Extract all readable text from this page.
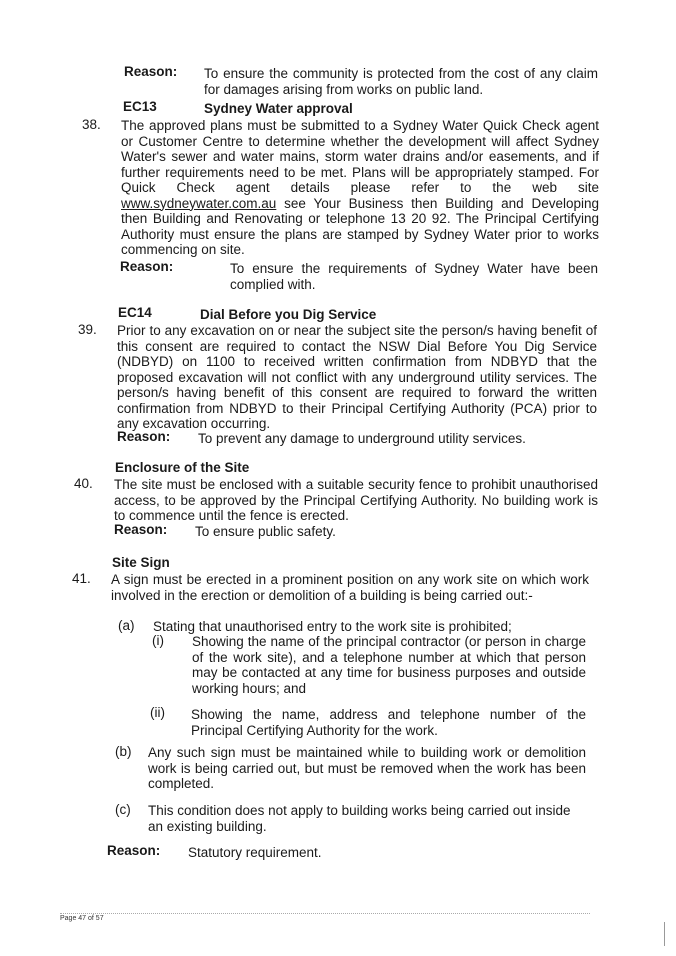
Reason: To ensure the community is protected from the cost of any claim for damages arising from works on public land.
EC13	Sydney Water approval
38. The approved plans must be submitted to a Sydney Water Quick Check agent or Customer Centre to determine whether the development will affect Sydney Water's sewer and water mains, storm water drains and/or easements, and if further requirements need to be met. Plans will be appropriately stamped. For Quick Check agent details please refer to the web site www.sydneywater.com.au see Your Business then Building and Developing then Building and Renovating or telephone 13 20 92. The Principal Certifying Authority must ensure the plans are stamped by Sydney Water prior to works commencing on site.
Reason:	To ensure the requirements of Sydney Water have been complied with.
EC14	Dial Before you Dig Service
39. Prior to any excavation on or near the subject site the person/s having benefit of this consent are required to contact the NSW Dial Before You Dig Service (NDBYD) on 1100 to received written confirmation from NDBYD that the proposed excavation will not conflict with any underground utility services. The person/s having benefit of this consent are required to forward the written confirmation from NDBYD to their Principal Certifying Authority (PCA) prior to any excavation occurring.
Reason: To prevent any damage to underground utility services.
Enclosure of the Site
40. The site must be enclosed with a suitable security fence to prohibit unauthorised access, to be approved by the Principal Certifying Authority. No building work is to commence until the fence is erected.
Reason: To ensure public safety.
Site Sign
41. A sign must be erected in a prominent position on any work site on which work involved in the erection or demolition of a building is being carried out:-
(a) Stating that unauthorised entry to the work site is prohibited;
(i) Showing the name of the principal contractor (or person in charge of the work site), and a telephone number at which that person may be contacted at any time for business purposes and outside working hours; and
(ii) Showing the name, address and telephone number of the Principal Certifying Authority for the work.
(b) Any such sign must be maintained while to building work or demolition work is being carried out, but must be removed when the work has been completed.
(c) This condition does not apply to building works being carried out inside an existing building.
Reason: Statutory requirement.
Page 47 of 57
